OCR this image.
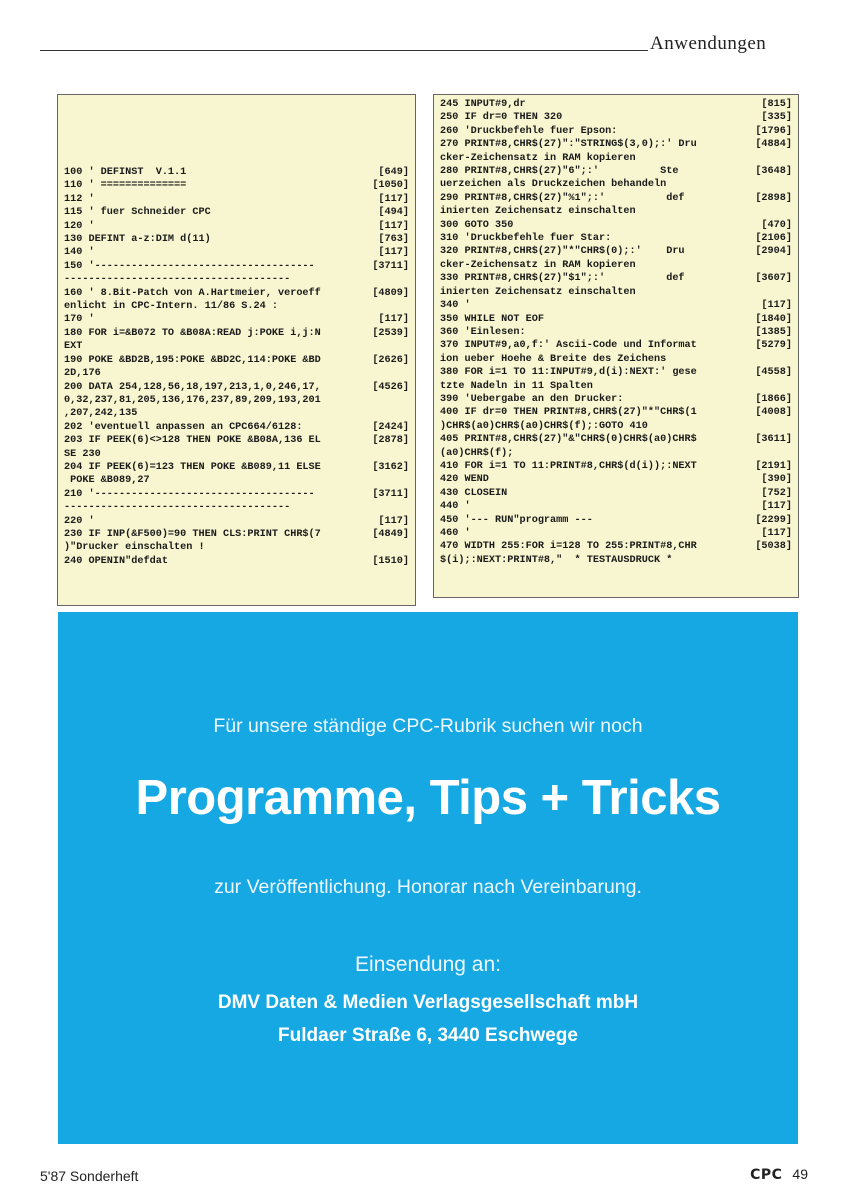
Anwendungen
100 ' DEFINST  V.1.1	[649]
110 ' ==============	[1050]
112 '	[117]
115 ' fuer Schneider CPC	[494]
120 '	[117]
130 DEFINT a-z:DIM d(11)	[763]
140 '	[117]
150 '------------------------------------	[3711]
-------------------------------------
160 ' 8.Bit-Patch von A.Hartmeier, veroeff	[4809]
enlicht in CPC-Intern. 11/86 S.24 :
170 '	[117]
180 FOR i=&B072 TO &B08A:READ j:POKE i,j:N	[2539]
EXT
190 POKE &BD2B,195:POKE &BD2C,114:POKE &BD	[2626]
2D,176
200 DATA 254,128,56,18,197,213,1,0,246,17,	[4526]
0,32,237,81,205,136,176,237,89,209,193,201
,207,242,135
202 'eventuell anpassen an CPC664/6128:	[2424]
203 IF PEEK(6)<>128 THEN POKE &B08A,136 EL	[2878]
SE 230
204 IF PEEK(6)=123 THEN POKE &B089,11 ELSE	[3162]
POKE &B089,27
210 '------------------------------------	[3711]
-------------------------------------
220 '	[117]
230 IF INP(&F500)=90 THEN CLS:PRINT CHR$(7	[4849]
)"Drucker einschalten !
240 OPENIN"defdat	[1510]
245 INPUT#9,dr	[815]
250 IF dr=0 THEN 320	[335]
260 'Druckbefehle fuer Epson:	[1796]
270 PRINT#8,CHR$(27)":"STRING$(3,0);:' Dru	[4884]
cker-Zeichensatz in RAM kopieren
280 PRINT#8,CHR$(27)"6";:'          Ste	[3648]
uerzeichen als Druckzeichen behandeln
290 PRINT#8,CHR$(27)"%1";:'          def	[2898]
inierten Zeichensatz einschalten
300 GOTO 350	[470]
310 'Druckbefehle fuer Star:	[2106]
320 PRINT#8,CHR$(27)"*"CHR$(0);:'    Dru	[2904]
cker-Zeichensatz in RAM kopieren
330 PRINT#8,CHR$(27)"$1";:'          def	[3607]
inierten Zeichensatz einschalten
340 '	[117]
350 WHILE NOT EOF	[1840]
360 'Einlesen:	[1385]
370 INPUT#9,a0,f:' Ascii-Code und Informat	[5279]
ion ueber Hoehe & Breite des Zeichens
380 FOR i=1 TO 11:INPUT#9,d(i):NEXT:' gese	[4558]
tzte Nadeln in 11 Spalten
390 'Uebergabe an den Drucker:	[1866]
400 IF dr=0 THEN PRINT#8,CHR$(27)"*"CHR$(1	[4008]
)CHR$(a0)CHR$(a0)CHR$(f);:GOTO 410
405 PRINT#8,CHR$(27)"&"CHR$(0)CHR$(a0)CHR$	[3611]
(a0)CHR$(f);
410 FOR i=1 TO 11:PRINT#8,CHR$(d(i));:NEXT	[2191]
420 WEND	[390]
430 CLOSEIN	[752]
440 '	[117]
450 '--- RUN"programm ---	[2299]
460 '	[117]
470 WIDTH 255:FOR i=128 TO 255:PRINT#8,CHR	[5038]
$(i);:NEXT:PRINT#8,"  * TESTAUSDRUCK *
Für unsere ständige CPC-Rubrik suchen wir noch
Programme, Tips + Tricks
zur Veröffentlichung. Honorar nach Vereinbarung.
Einsendung an:
DMV Daten & Medien Verlagsgesellschaft mbH
Fuldaer Straße 6, 3440 Eschwege
5'87 Sonderheft	CPC 49
